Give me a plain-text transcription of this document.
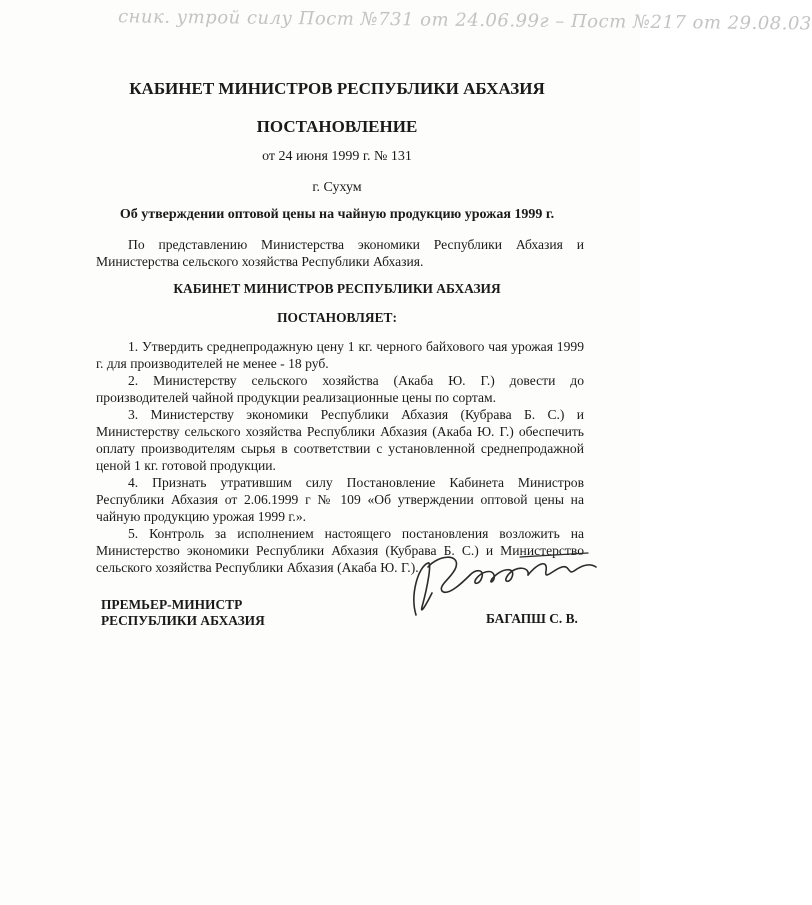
сник. утрой силу Пост №731 от 24.06.99г – Пост №217 от 29.08.03
КАБИНЕТ МИНИСТРОВ РЕСПУБЛИКИ АБХАЗИЯ
ПОСТАНОВЛЕНИЕ
от 24 июня 1999 г. № 131
г. Сухум
Об утверждении оптовой цены на чайную продукцию урожая 1999 г.
По представлению Министерства экономики Республики Абхазия и Министерства сельского хозяйства Республики Абхазия.
КАБИНЕТ МИНИСТРОВ РЕСПУБЛИКИ АБХАЗИЯ
ПОСТАНОВЛЯЕТ:

1. Утвердить среднепродажную цену 1 кг. черного байхового чая урожая 1999 г. для производителей не менее - 18 руб.

2. Министерству сельского хозяйства (Акаба Ю. Г.) довести до производителей чайной продукции реализационные цены по сортам.

3. Министерству экономики Республики Абхазия (Кубрава Б. С.) и Министерству сельского хозяйства Республики Абхазия (Акаба Ю. Г.) обеспечить оплату производителям сырья в соответствии с установленной среднепродажной ценой 1 кг. готовой продукции.

4. Признать утратившим силу Постановление Кабинета Министров Республики Абхазия от 2.06.1999 г № 109 «Об утверждении оптовой цены на чайную продукцию урожая 1999 г.».

5. Контроль за исполнением настоящего постановления возложить на Министерство экономики Республики Абхазия (Кубрава Б. С.) и Министерство сельского хозяйства Республики Абхазия (Акаба Ю. Г.).

ПРЕМЬЕР-МИНИСТР
РЕСПУБЛИКИ АБХАЗИЯ	БАГАПШ С. В.
